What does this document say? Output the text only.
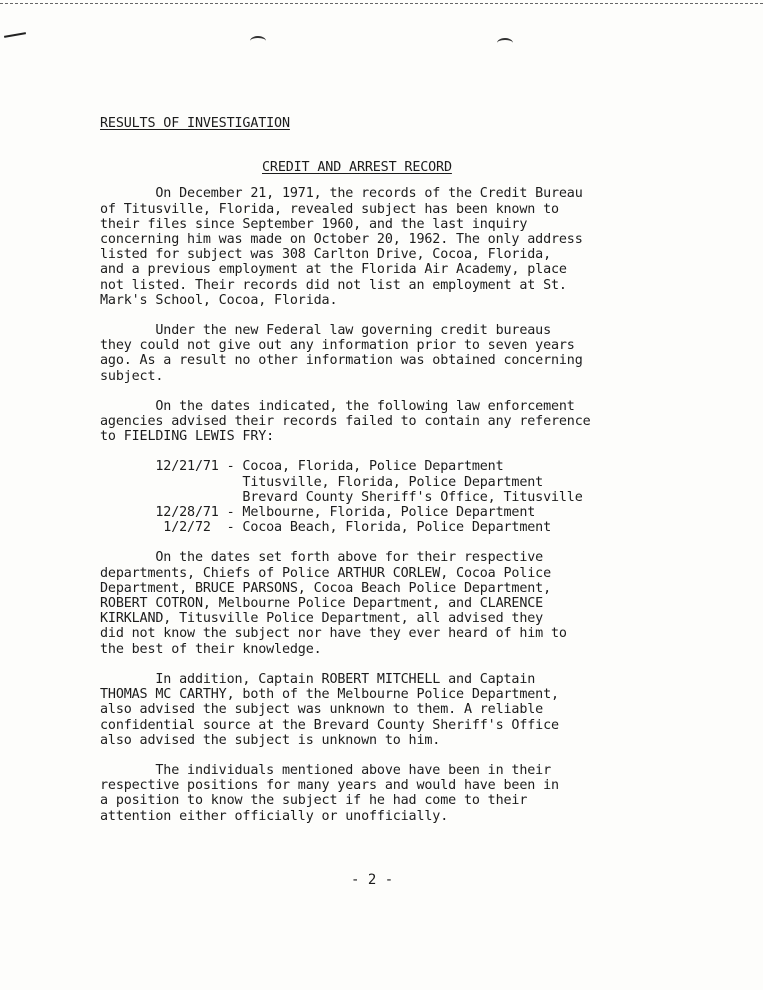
RESULTS OF INVESTIGATION
CREDIT AND ARREST RECORD
On December 21, 1971, the records of the Credit Bureau
of Titusville, Florida, revealed subject has been known to
their files since September 1960, and the last inquiry
concerning him was made on October 20, 1962. The only address
listed for subject was 308 Carlton Drive, Cocoa, Florida,
and a previous employment at the Florida Air Academy, place
not listed. Their records did not list an employment at St.
Mark's School, Cocoa, Florida.
Under the new Federal law governing credit bureaus
they could not give out any information prior to seven years
ago. As a result no other information was obtained concerning
subject.
On the dates indicated, the following law enforcement
agencies advised their records failed to contain any reference
to FIELDING LEWIS FRY:
12/21/71 - Cocoa, Florida, Police Department
Titusville, Florida, Police Department
Brevard County Sheriff's Office, Titusville
12/28/71 - Melbourne, Florida, Police Department
1/2/72  - Cocoa Beach, Florida, Police Department
On the dates set forth above for their respective
departments, Chiefs of Police ARTHUR CORLEW, Cocoa Police
Department, BRUCE PARSONS, Cocoa Beach Police Department,
ROBERT COTRON, Melbourne Police Department, and CLARENCE
KIRKLAND, Titusville Police Department, all advised they
did not know the subject nor have they ever heard of him to
the best of their knowledge.
In addition, Captain ROBERT MITCHELL and Captain
THOMAS MC CARTHY, both of the Melbourne Police Department,
also advised the subject was unknown to them. A reliable
confidential source at the Brevard County Sheriff's Office
also advised the subject is unknown to him.
The individuals mentioned above have been in their
respective positions for many years and would have been in
a position to know the subject if he had come to their
attention either officially or unofficially.
- 2 -
